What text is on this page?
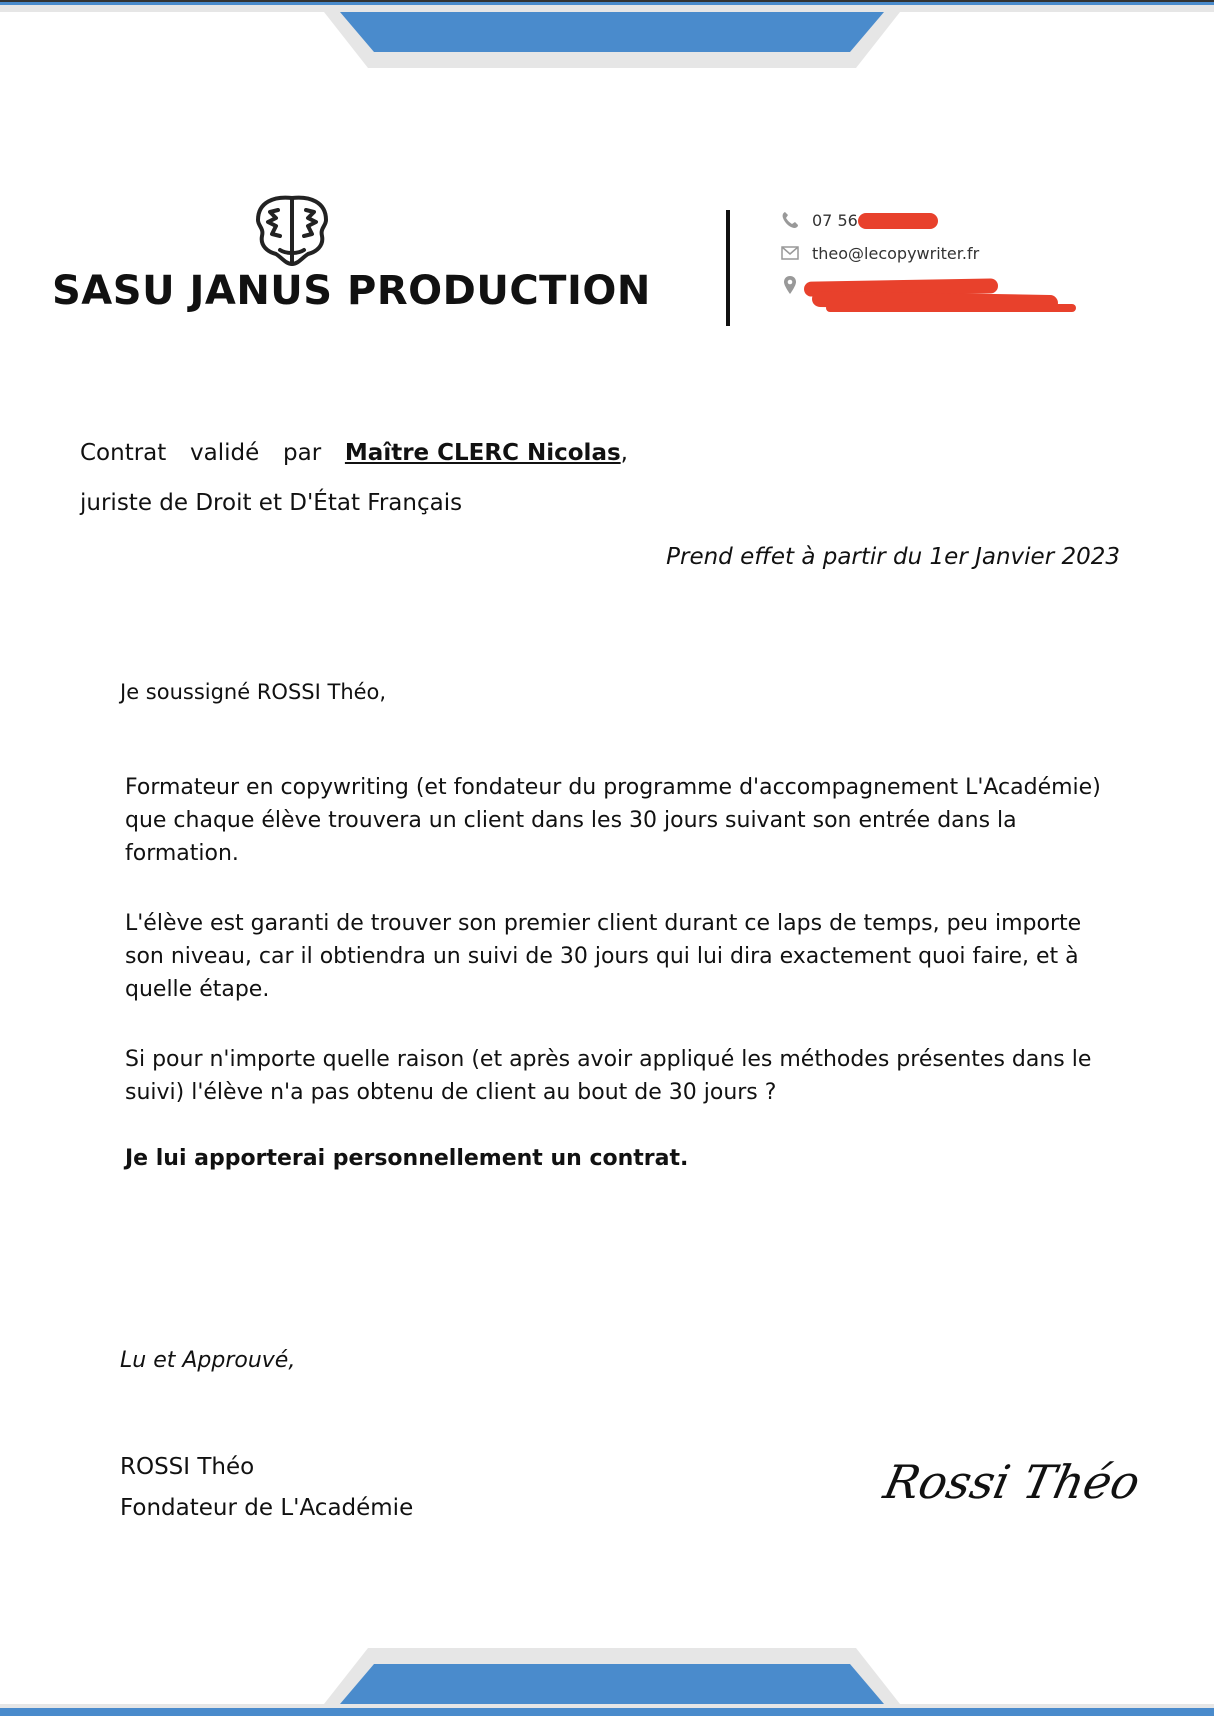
SASU JANUS PRODUCTION
07 56
theo@lecopywriter.fr
Contrat validé par Maître CLERC Nicolas,
juriste de Droit et D'État Français
Prend effet à partir du 1er Janvier 2023
Je soussigné ROSSI Théo,
Formateur en copywriting (et fondateur du programme d'accompagnement L'Académie) que chaque élève trouvera un client dans les 30 jours suivant son entrée dans la formation.
L'élève est garanti de trouver son premier client durant ce laps de temps, peu importe son niveau, car il obtiendra un suivi de 30 jours qui lui dira exactement quoi faire, et à quelle étape.
Si pour n'importe quelle raison (et après avoir appliqué les méthodes présentes dans le suivi) l'élève n'a pas obtenu de client au bout de 30 jours ?
Je lui apporterai personnellement un contrat.
Lu et Approuvé,
ROSSI Théo
Fondateur de L'Académie	Rossi Théo
